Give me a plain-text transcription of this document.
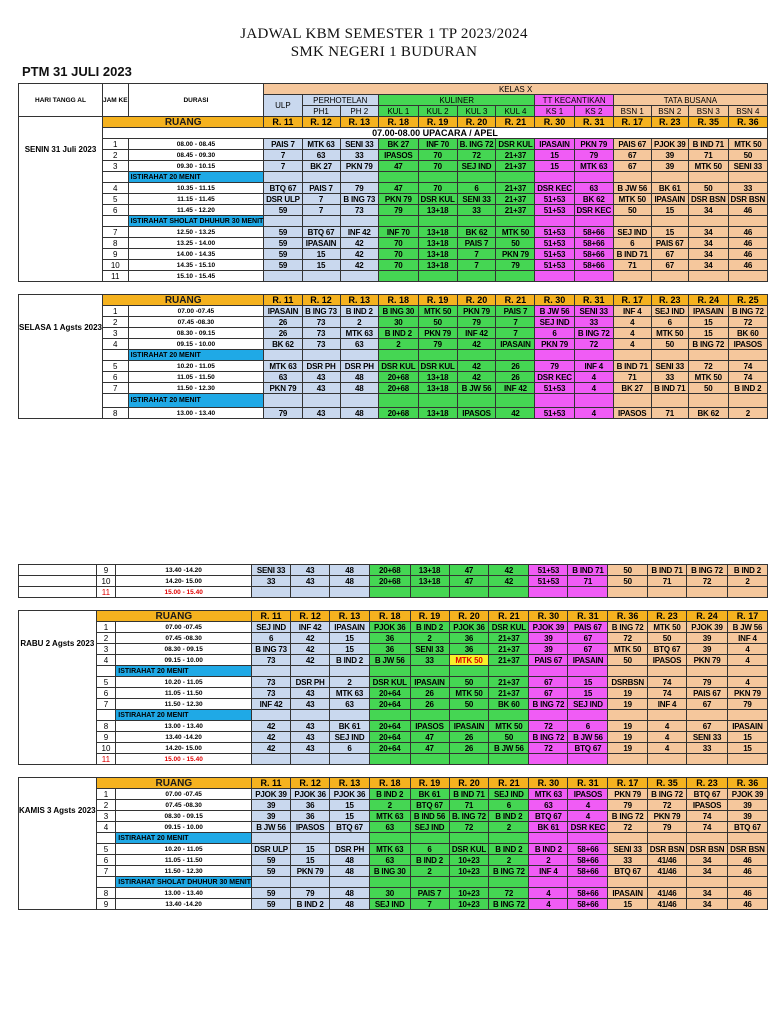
JADWAL KBM SEMESTER 1 TP 2023/2024
SMK NEGERI 1 BUDURAN
PTM 31 JULI 2023
HARI TANGG AL	JAM KE	DURASI	KELAS X												
			ULP	PERHOTELAN		KULINER				TT KECANTIKAN		TATA BUSANA			
				PH1	PH 2	KUL 1	KUL 2	KUL 3	KUL 4	KS 1	KS 2	BSN 1	BSN 2	BSN 3	BSN 4
SENIN 31 Juli 2023	RUANG		R. 11	R. 12	R. 13	R. 18	R. 19	R. 20	R. 21	R. 30	R. 31	R. 17	R. 23	R. 35	R. 36

	07.00-08.00 UPACARA / APEL														
	1	08.00 - 08.45	PAIS 7	MTK 63	SENI 33	BK 27	INF 70	B. ING 72	DSR KUL	IPASAIN	PKN 79	PAIS 67	PJOK 39	B IND 71	MTK 50
	2	08.45 - 09.30	7	63	33	IPASOS	70	72	21+37	15	79	67	39	71	50
	3	09.30 - 10.15	7	BK 27	PKN 79	47	70	SEJ IND	21+37	15	MTK 63	67	39	MTK 50	SENI 33
		ISTIRAHAT 20 MENIT													
	4	10.35 - 11.15	BTQ 67	PAIS 7	79	47	70	6	21+37	DSR KEC	63	B JW 56	BK 61	50	33
	5	11.15 - 11.45	DSR ULP	7	B ING 73	PKN 79	DSR KUL	SENI 33	21+37	51+53	BK 62	MTK 50	IPASAIN	DSR BSN	DSR BSN
	6	11.45 - 12.20	59	7	73	79	13+18	33	21+37	51+53	DSR KEC	50	15	34	46
		ISTIRAHAT SHOLAT DHUHUR 30 MENIT													
	7	12.50 - 13.25	59	BTQ 67	INF 42	INF 70	13+18	BK 62	MTK 50	51+53	58+66	SEJ IND	15	34	46
	8	13.25 - 14.00	59	IPASAIN	42	70	13+18	PAIS 7	50	51+53	58+66	6	PAIS 67	34	46
	9	14.00 - 14.35	59	15	42	70	13+18	7	PKN 79	51+53	58+66	B IND 71	67	34	46
	10	14.35 - 15.10	59	15	42	70	13+18	7	79	51+53	58+66	71	67	34	46
	11	15.10 - 15.45													

SELASA 1 Agsts 2023	RUANG		R. 11	R. 12	R. 13	R. 18	R. 19	R. 20	R. 21	R. 30	R. 31	R. 17	R. 23	R. 24	R. 25

	1	07.00 -07.45	IPASAIN	B ING 73	B IND 2	B ING 30	MTK 50	PKN 79	PAIS 7	B JW 56	SENI 33	INF 4	SEJ IND	IPASAIN	B ING 72
	2	07.45 -08.30	26	73	2	30	50	79	7	SEJ IND	33	4	6	15	72
	3	08.30 - 09.15	26	73	MTK 63	B IND 2	PKN 79	INF 42	7	6	B ING 72	4	MTK 50	15	BK 60
	4	09.15 - 10.00	BK 62	73	63	2	79	42	IPASAIN	PKN 79	72	4	50	B ING 72	IPASOS
		ISTIRAHAT 20 MENIT													
	5	10.20 - 11.05	MTK 63	DSR PH	DSR PH	DSR KUL	DSR KUL	42	26	79	INF 4	B IND 71	SENI 33	72	74
	6	11.05 - 11.50	63	43	48	20+68	13+18	42	26	DSR KEC	4	71	33	MTK 50	74
	7	11.50 - 12.30	PKN 79	43	48	20+68	13+18	B JW 56	INF 42	51+53	4	BK 27	B IND 71	50	B IND 2
		ISTIRAHAT 20 MENIT													
	8	13.00 - 13.40	79	43	48	20+68	13+18	IPASOS	42	51+53	4	IPASOS	71	BK 62	2
	9	13.40 -14.20	SENI 33	43	48	20+68	13+18	47	42	51+53	B IND 71	50	B IND 71	B ING 72	B IND 2
	10	14.20- 15.00	33	43	48	20+68	13+18	47	42	51+53	71	50	71	72	2
	11	15.00 - 15.40													

RABU 2 Agsts 2023	RUANG		R. 11	R. 12	R. 13	R. 18	R. 19	R. 20	R. 21	R. 30	R. 31	R. 36	R. 23	R. 24	R. 17

	1	07.00 -07.45	SEJ IND	INF 42	IPASAIN	PJOK 36	B IND 2	PJOK 36	DSR KUL	PJOK 39	PAIS 67	B ING 72	MTK 50	PJOK 39	B JW 56
	2	07.45 -08.30	6	42	15	36	2	36	21+37	39	67	72	50	39	INF 4
	3	08.30 - 09.15	B ING 73	42	15	36	SENI 33	36	21+37	39	67	MTK 50	BTQ 67	39	4
	4	09.15 - 10.00	73	42	B IND 2	B JW 56	33	MTK 50	21+37	PAIS 67	IPASAIN	50	IPASOS	PKN 79	4
		ISTIRAHAT 20 MENIT													
	5	10.20 - 11.05	73	DSR PH	2	DSR KUL	IPASAIN	50	21+37	67	15	DSRBSN	74	79	4
	6	11.05 - 11.50	73	43	MTK 63	20+64	26	MTK 50	21+37	67	15	19	74	PAIS 67	PKN 79
	7	11.50 - 12.30	INF 42	43	63	20+64	26	50	BK 60	B ING 72	SEJ IND	19	INF 4	67	79
		ISTIRAHAT 20 MENIT													
	8	13.00 - 13.40	42	43	BK 61	20+64	IPASOS	IPASAIN	MTK 50	72	6	19	4	67	IPASAIN
	9	13.40 -14.20	42	43	SEJ IND	20+64	47	26	50	B ING 72	B JW 56	19	4	SENI 33	15
	10	14.20- 15.00	42	43	6	20+64	47	26	B JW 56	72	BTQ 67	19	4	33	15
	11	15.00 - 15.40													

KAMIS 3 Agsts 2023	RUANG		R. 11	R. 12	R. 13	R. 18	R. 19	R. 20	R. 21	R. 30	R. 31	R. 17	R. 35	R. 23	R. 36

	1	07.00 -07.45	PJOK 39	PJOK 36	PJOK 36	B IND 2	BK 61	B IND 71	SEJ IND	MTK 63	IPASOS	PKN 79	B ING 72	BTQ 67	PJOK 39
	2	07.45 -08.30	39	36	15	2	BTQ 67	71	6	63	4	79	72	IPASOS	39
	3	08.30 - 09.15	39	36	15	MTK 63	B IND 56	B. ING 72	B IND 2	BTQ 67	4	B ING 72	PKN 79	74	39
	4	09.15 - 10.00	B JW 56	IPASOS	BTQ 67	63	SEJ IND	72	2	BK 61	DSR KEC	72	79	74	BTQ 67
		ISTIRAHAT 20 MENIT													
	5	10.20 - 11.05	DSR ULP	15	DSR PH	MTK 63	6	DSR KUL	B IND 2	B IND 2	58+66	SENI 33	DSR BSN	DSR BSN	DSR BSN
	6	11.05 - 11.50	59	15	48	63	B IND 2	10+23	2	2	58+66	33	41/46	34	46
	7	11.50 - 12.30	59	PKN 79	48	B ING 30	2	10+23	B ING 72	INF 4	58+66	BTQ 67	41/46	34	46
		ISTIRAHAT SHOLAT DHUHUR 30 MENIT													
	8	13.00 - 13.40	59	79	48	30	PAIS 7	10+23	72	4	58+66	IPASAIN	41/46	34	46
	9	13.40 -14.20	59	B IND 2	48	SEJ IND	7	10+23	B ING 72	4	58+66	15	41/46	34	46
